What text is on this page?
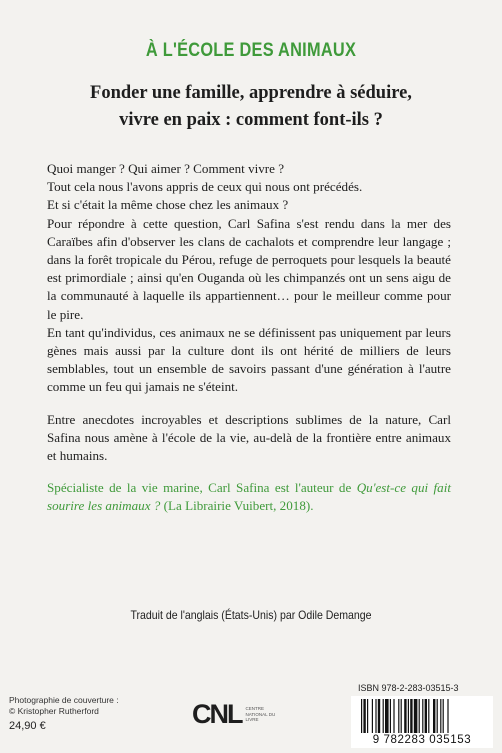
À L'ÉCOLE DES ANIMAUX
Fonder une famille, apprendre à séduire,
vivre en paix : comment font-ils ?

Quoi manger ? Qui aimer ? Comment vivre ?

Tout cela nous l'avons appris de ceux qui nous ont précédés.

Et si c'était la même chose chez les animaux ?

Pour répondre à cette question, Carl Safina s'est rendu dans la mer des Caraïbes afin d'observer les clans de cachalots et comprendre leur langage ; dans la forêt tropicale du Pérou, refuge de perroquets pour lesquels la beauté est primordiale ; ainsi qu'en Ouganda où les chimpanzés ont un sens aigu de la communauté à laquelle ils appartiennent… pour le meilleur comme pour le pire.

En tant qu'individus, ces animaux ne se définissent pas uniquement par leurs gènes mais aussi par la culture dont ils ont hérité de milliers de leurs semblables, tout un ensemble de savoirs passant d'une génération à l'autre comme un feu qui jamais ne s'éteint.

Entre anecdotes incroyables et descriptions sublimes de la nature, Carl Safina nous amène à l'école de la vie, au-delà de la frontière entre animaux et humains.

Spécialiste de la vie marine, Carl Safina est l'auteur de Qu'est-ce qui fait sourire les animaux ? (La Librairie Vuibert, 2018).

Traduit de l'anglais (États-Unis) par Odile Demange
Photographie de couverture :
© Kristopher Rutherford
24,90 €	CNL CENTRE NATIONAL DU LIVRE
ISBN 978-2-283-03515-3
9 782283 035153
